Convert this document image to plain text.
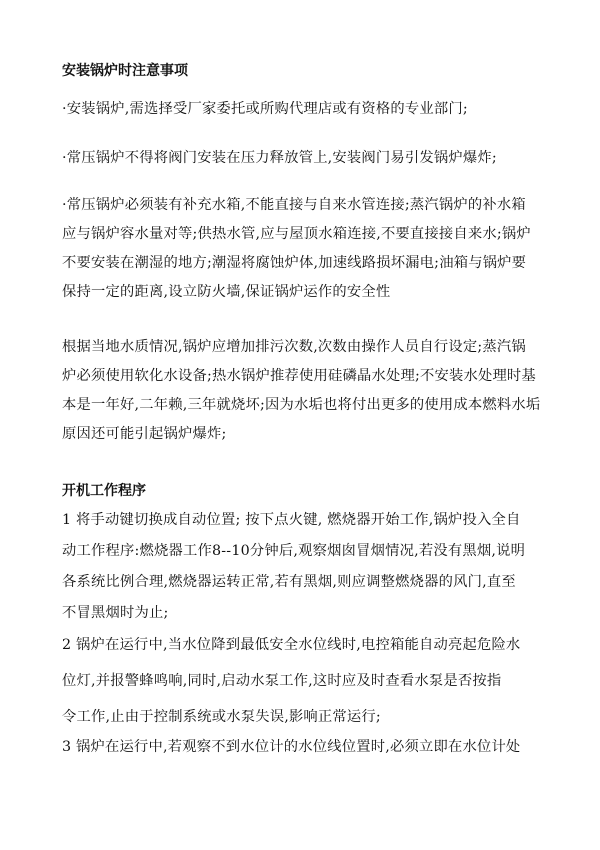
安装锅炉时注意事项

·安装锅炉,需选择受厂家委托或所购代理店或有资格的专业部门;

·常压锅炉不得将阀门安装在压力释放管上,安装阀门易引发锅炉爆炸;

·常压锅炉必须装有补充水箱,不能直接与自来水管连接;蒸汽锅炉的补水箱
应与锅炉容水量对等;供热水管,应与屋顶水箱连接,不要直接接自来水;锅炉
不要安装在潮湿的地方;潮湿将腐蚀炉体,加速线路损坏漏电;油箱与锅炉要
保持一定的距离,设立防火墙,保证锅炉运作的安全性

根据当地水质情况,锅炉应增加排污次数,次数由操作人员自行设定;蒸汽锅
炉必须使用软化水设备;热水锅炉推荐使用硅磷晶水处理;不安装水处理时基
本是一年好,二年赖,三年就烧坏;因为水垢也将付出更多的使用成本燃料水垢
原因还可能引起锅炉爆炸;

开机工作程序

1 将手动键切换成自动位置; 按下点火键, 燃烧器开始工作,锅炉投入全自
动工作程序:燃烧器工作8--10分钟后,观察烟囱冒烟情况,若没有黑烟,说明
各系统比例合理,燃烧器运转正常,若有黑烟,则应调整燃烧器的风门,直至
不冒黑烟时为止;

2 锅炉在运行中,当水位降到最低安全水位线时,电控箱能自动亮起危险水
位灯,并报警蜂鸣响,同时,启动水泵工作,这时应及时查看水泵是否按指
令工作,止由于控制系统或水泵失误,影响正常运行;

3 锅炉在运行中,若观察不到水位计的水位线位置时,必须立即在水位计处
